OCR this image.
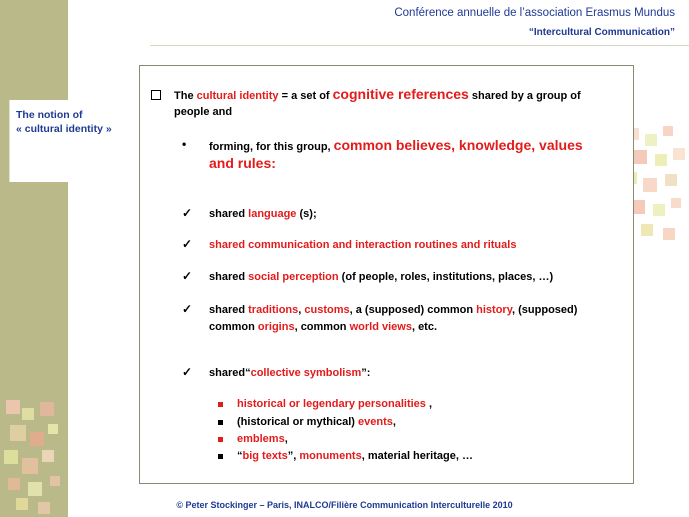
Conférence annuelle de l’association Erasmus Mundus
“Intercultural Communication”
The notion of
« cultural identity »
The cultural identity = a set of cognitive references shared by a group of
people and
• forming, for this group, common believes, knowledge, values
and rules:
✓ shared language (s);
✓ shared communication and interaction routines and rituals
✓ shared social perception (of people, roles, institutions, places, …)
✓ shared traditions, customs, a (supposed) common history, (supposed)
common origins, common world views, etc.
✓ shared“collective symbolism”:
historical or legendary personalities ,
(historical or mythical) events,
emblems,
“big texts”, monuments, material heritage, …
© Peter Stockinger – Paris, INALCO/Filière Communication Interculturelle 2010
